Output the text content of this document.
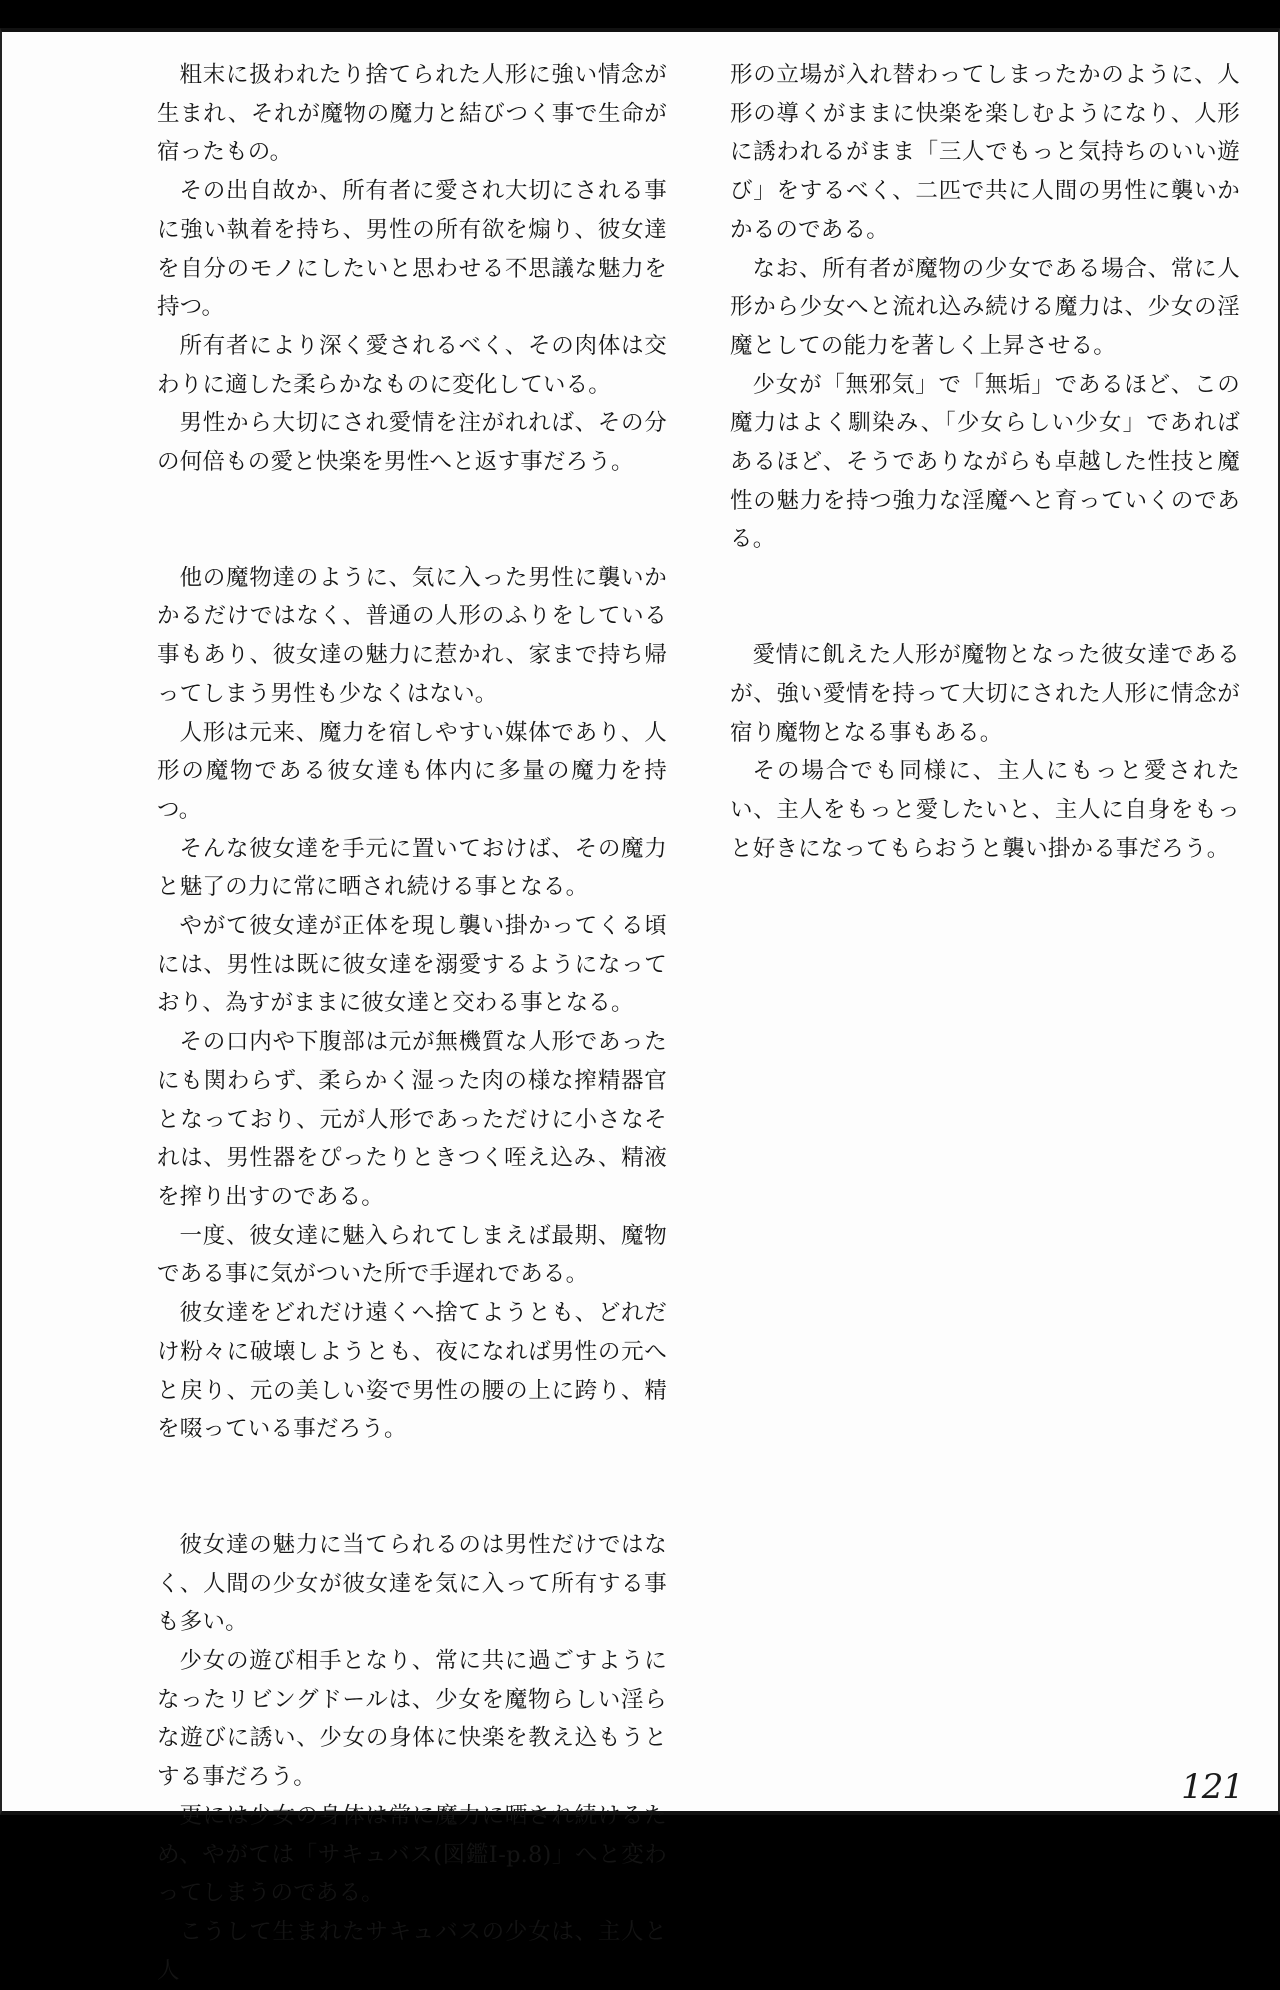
粗末に扱われたり捨てられた人形に強い情念が生まれ、それが魔物の魔力と結びつく事で生命が宿ったもの。

その出自故か、所有者に愛され大切にされる事に強い執着を持ち、男性の所有欲を煽り、彼女達を自分のモノにしたいと思わせる不思議な魅力を持つ。

所有者により深く愛されるべく、その肉体は交わりに適した柔らかなものに変化している。

男性から大切にされ愛情を注がれれば、その分の何倍もの愛と快楽を男性へと返す事だろう。

他の魔物達のように、気に入った男性に襲いかかるだけではなく、普通の人形のふりをしている事もあり、彼女達の魅力に惹かれ、家まで持ち帰ってしまう男性も少なくはない。

人形は元来、魔力を宿しやすい媒体であり、人形の魔物である彼女達も体内に多量の魔力を持つ。

そんな彼女達を手元に置いておけば、その魔力と魅了の力に常に晒され続ける事となる。

やがて彼女達が正体を現し襲い掛かってくる頃には、男性は既に彼女達を溺愛するようになっており、為すがままに彼女達と交わる事となる。

その口内や下腹部は元が無機質な人形であったにも関わらず、柔らかく湿った肉の様な搾精器官となっており、元が人形であっただけに小さなそれは、男性器をぴったりときつく咥え込み、精液を搾り出すのである。

一度、彼女達に魅入られてしまえば最期、魔物である事に気がついた所で手遅れである。

彼女達をどれだけ遠くへ捨てようとも、どれだけ粉々に破壊しようとも、夜になれば男性の元へと戻り、元の美しい姿で男性の腰の上に跨り、精を啜っている事だろう。

彼女達の魅力に当てられるのは男性だけではなく、人間の少女が彼女達を気に入って所有する事も多い。

少女の遊び相手となり、常に共に過ごすようになったリビングドールは、少女を魔物らしい淫らな遊びに誘い、少女の身体に快楽を教え込もうとする事だろう。

更には少女の身体は常に魔力に晒され続けるため、やがては「サキュバス(図鑑Ⅰ-p.8)」へと変わってしまうのである。

こうして生まれたサキュバスの少女は、主人と人

形の立場が入れ替わってしまったかのように、人形の導くがままに快楽を楽しむようになり、人形に誘われるがまま「三人でもっと気持ちのいい遊び」をするべく、二匹で共に人間の男性に襲いかかるのである。

なお、所有者が魔物の少女である場合、常に人形から少女へと流れ込み続ける魔力は、少女の淫魔としての能力を著しく上昇させる。

少女が「無邪気」で「無垢」であるほど、この魔力はよく馴染み、「少女らしい少女」であればあるほど、そうでありながらも卓越した性技と魔性の魅力を持つ強力な淫魔へと育っていくのである。

愛情に飢えた人形が魔物となった彼女達であるが、強い愛情を持って大切にされた人形に情念が宿り魔物となる事もある。

その場合でも同様に、主人にもっと愛されたい、主人をもっと愛したいと、主人に自身をもっと好きになってもらおうと襲い掛かる事だろう。

121
